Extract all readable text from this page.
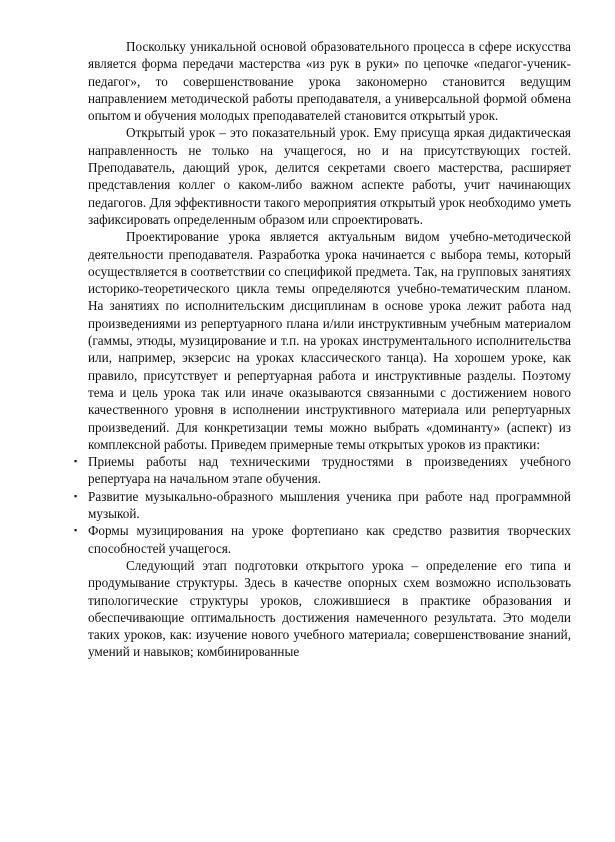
Поскольку уникальной основой образовательного процесса в сфере искусства является форма передачи мастерства «из рук в руки» по цепочке «педагог-ученик-педагог», то совершенствование урока закономерно становится ведущим направлением методической работы преподавателя, а универсальной формой обмена опытом и обучения молодых преподавателей становится открытый урок.

Открытый урок – это показательный урок. Ему присуща яркая дидактическая направленность не только на учащегося, но и на присутствующих гостей. Преподаватель, дающий урок, делится секретами своего мастерства, расширяет представления коллег о каком-либо важном аспекте работы, учит начинающих педагогов. Для эффективности такого мероприятия открытый урок необходимо уметь зафиксировать определенным образом или спроектировать.

Проектирование урока является актуальным видом учебно-методической деятельности преподавателя. Разработка урока начинается с выбора темы, который осуществляется в соответствии со спецификой предмета. Так, на групповых занятиях историко-теоретического цикла темы определяются учебно-тематическим планом. На занятиях по исполнительским дисциплинам в основе урока лежит работа над произведениями из репертуарного плана и/или инструктивным учебным материалом (гаммы, этюды, музицирование и т.п. на уроках инструментального исполнительства или, например, экзерсис на уроках классического танца). На хорошем уроке, как правило, присутствует и репертуарная работа и инструктивные разделы. Поэтому тема и цель урока так или иначе оказываются связанными с достижением нового качественного уровня в исполнении инструктивного материала или репертуарных произведений. Для конкретизации темы можно выбрать «доминанту» (аспект) из комплексной работы. Приведем примерные темы открытых уроков из практики:

▪ Приемы работы над техническими трудностями в произведениях учебного репертуара на начальном этапе обучения.
▪ Развитие музыкально-образного мышления ученика при работе над программной музыкой.
▪ Формы музицирования на уроке фортепиано как средство развития творческих способностей учащегося.

Следующий этап подготовки открытого урока – определение его типа и продумывание структуры. Здесь в качестве опорных схем возможно использовать типологические структуры уроков, сложившиеся в практике образования и обеспечивающие оптимальность достижения намеченного результата. Это модели таких уроков, как: изучение нового учебного материала; совершенствование знаний, умений и навыков; комбинированные
